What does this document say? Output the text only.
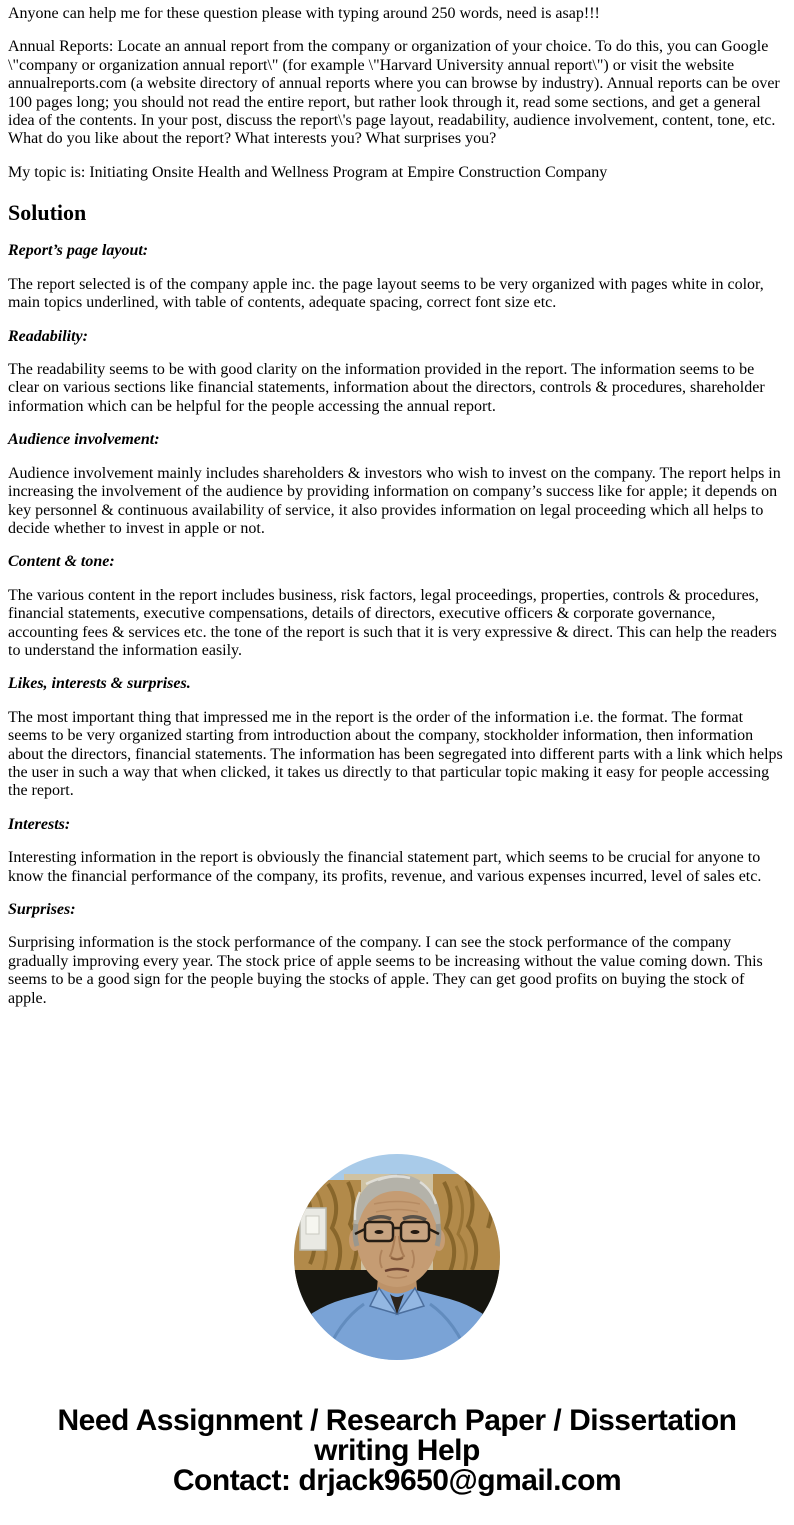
Anyone can help me for these question please with typing around 250 words, need is asap!!!

Annual Reports: Locate an annual report from the company or organization of your choice. To do this, you can Google \"company or organization annual report\" (for example \"Harvard University annual report\") or visit the website annualreports.com (a website directory of annual reports where you can browse by industry). Annual reports can be over 100 pages long; you should not read the entire report, but rather look through it, read some sections, and get a general idea of the contents. In your post, discuss the report\'s page layout, readability, audience involvement, content, tone, etc. What do you like about the report? What interests you? What surprises you?

My topic is: Initiating Onsite Health and Wellness Program at Empire Construction Company

Solution

Report’s page layout:

The report selected is of the company apple inc. the page layout seems to be very organized with pages white in color, main topics underlined, with table of contents, adequate spacing, correct font size etc.

Readability:

The readability seems to be with good clarity on the information provided in the report. The information seems to be clear on various sections like financial statements, information about the directors, controls & procedures, shareholder information which can be helpful for the people accessing the annual report.

Audience involvement:

Audience involvement mainly includes shareholders & investors who wish to invest on the company. The report helps in increasing the involvement of the audience by providing information on company’s success like for apple; it depends on key personnel & continuous availability of service, it also provides information on legal proceeding which all helps to decide whether to invest in apple or not.

Content & tone:

The various content in the report includes business, risk factors, legal proceedings, properties, controls & procedures, financial statements, executive compensations, details of directors, executive officers & corporate governance, accounting fees & services etc. the tone of the report is such that it is very expressive & direct. This can help the readers to understand the information easily.

Likes, interests & surprises.

The most important thing that impressed me in the report is the order of the information i.e. the format. The format seems to be very organized starting from introduction about the company, stockholder information, then information about the directors, financial statements. The information has been segregated into different parts with a link which helps the user in such a way that when clicked, it takes us directly to that particular topic making it easy for people accessing the report.

Interests:

Interesting information in the report is obviously the financial statement part, which seems to be crucial for anyone to know the financial performance of the company, its profits, revenue, and various expenses incurred, level of sales etc.

Surprises:

Surprising information is the stock performance of the company. I can see the stock performance of the company gradually improving every year. The stock price of apple seems to be increasing without the value coming down. This seems to be a good sign for the people buying the stocks of apple. They can get good profits on buying the stock of apple.

Need Assignment / Research Paper / Dissertation
writing Help
Contact: drjack9650@gmail.com
